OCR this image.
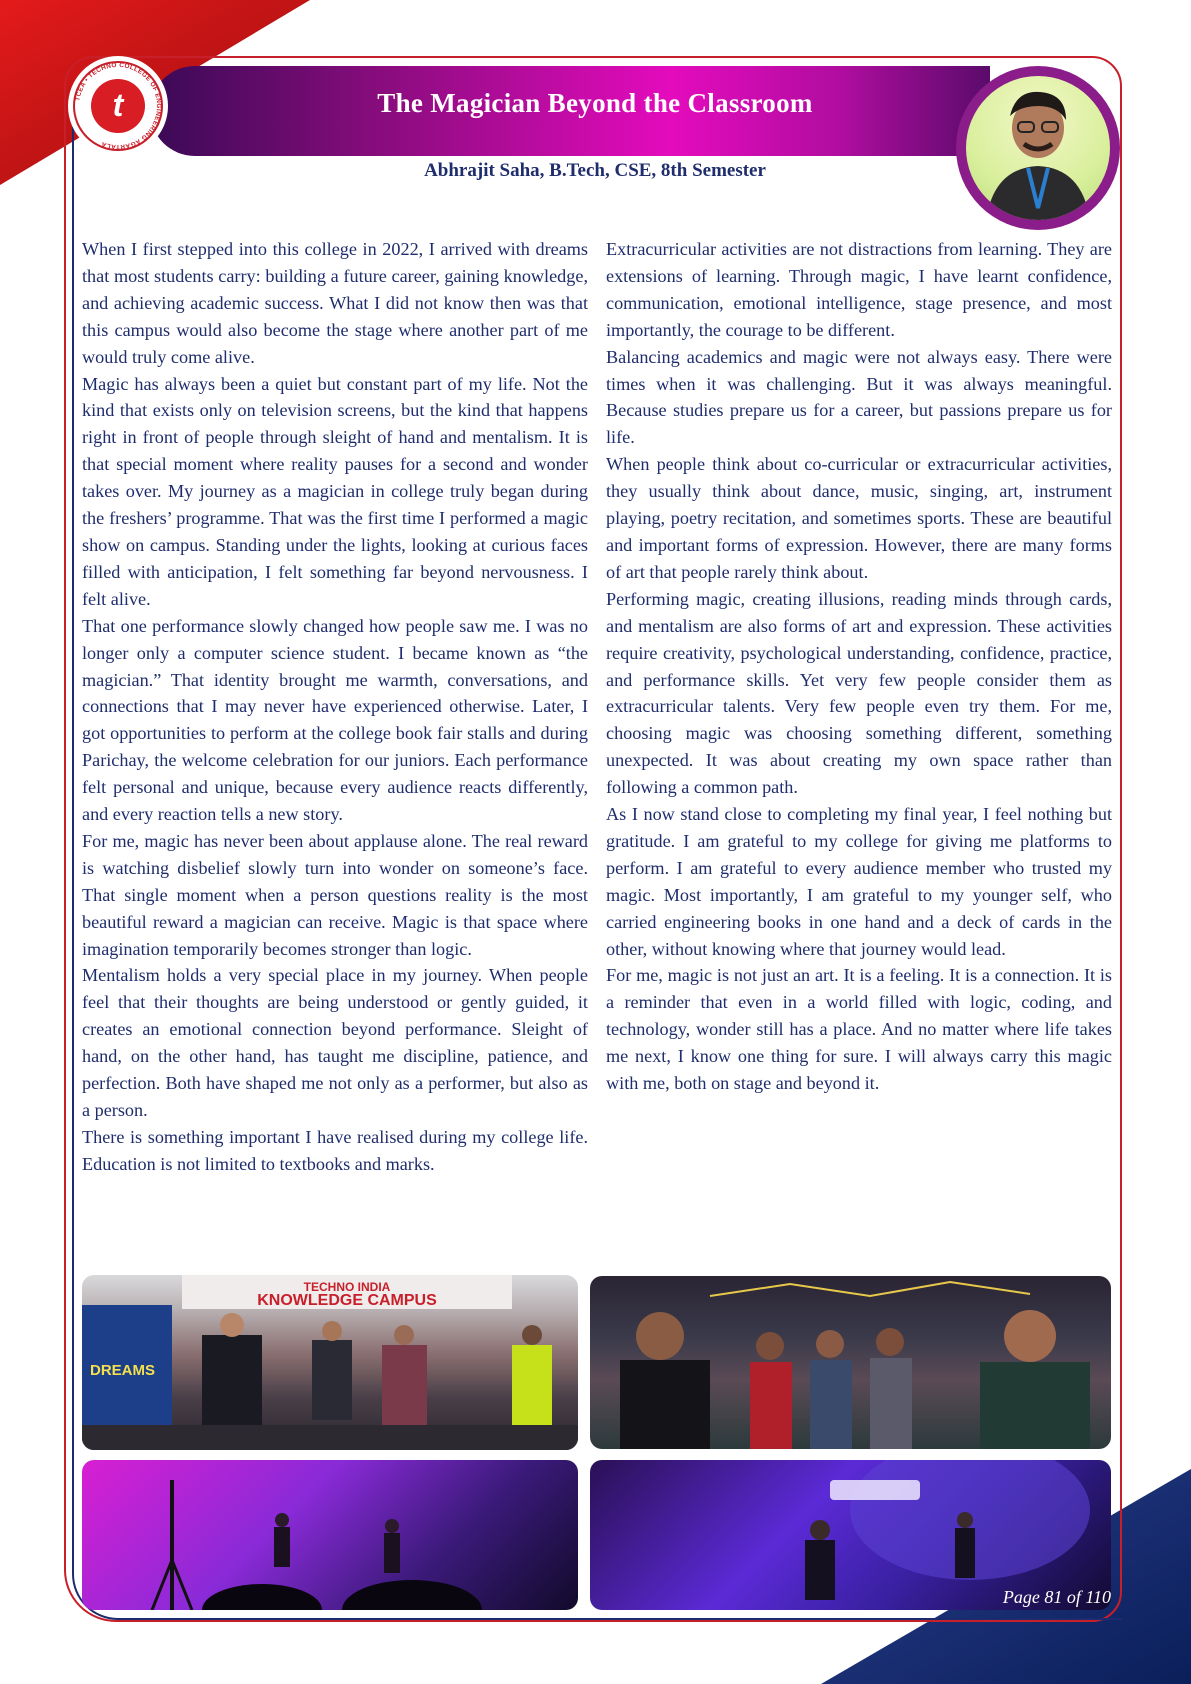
The Magician Beyond the Classroom
TCEA • TECHNO COLLEGE OF ENGINEERING AGARTALA
t
Abhrajit Saha, B.Tech, CSE, 8th Semester

When I first stepped into this college in 2022, I arrived with dreams that most students carry: building a future career, gaining knowledge, and achieving academic success. What I did not know then was that this campus would also become the stage where another part of me would truly come alive.

Magic has always been a quiet but constant part of my life. Not the kind that exists only on television screens, but the kind that happens right in front of people through sleight of hand and mentalism. It is that special moment where reality pauses for a second and wonder takes over. My journey as a magician in college truly began during the freshers’ programme. That was the first time I performed a magic show on campus. Standing under the lights, looking at curious faces filled with anticipation, I felt something far beyond nervousness. I felt alive.

That one performance slowly changed how people saw me. I was no longer only a computer science student. I became known as “the magician.” That identity brought me warmth, conversations, and connections that I may never have experienced otherwise. Later, I got opportunities to perform at the college book fair stalls and during Parichay, the welcome celebration for our juniors. Each performance felt personal and unique, because every audience reacts differently, and every reaction tells a new story.

For me, magic has never been about applause alone. The real reward is watching disbelief slowly turn into wonder on someone’s face. That single moment when a person questions reality is the most beautiful reward a magician can receive. Magic is that space where imagination temporarily becomes stronger than logic.

Mentalism holds a very special place in my journey. When people feel that their thoughts are being understood or gently guided, it creates an emotional connection beyond performance. Sleight of hand, on the other hand, has taught me discipline, patience, and perfection. Both have shaped me not only as a performer, but also as a person.

There is something important I have realised during my college life. Education is not limited to textbooks and marks.

Extracurricular activities are not distractions from learning. They are extensions of learning. Through magic, I have learnt confidence, communication, emotional intelligence, stage presence, and most importantly, the courage to be different.

Balancing academics and magic were not always easy. There were times when it was challenging. But it was always meaningful. Because studies prepare us for a career, but passions prepare us for life.

When people think about co-curricular or extracurricular activities, they usually think about dance, music, singing, art, instrument playing, poetry recitation, and sometimes sports. These are beautiful and important forms of expression. However, there are many forms of art that people rarely think about.

Performing magic, creating illusions, reading minds through cards, and mentalism are also forms of art and expression. These activities require creativity, psychological understanding, confidence, practice, and performance skills. Yet very few people consider them as extracurricular talents. Very few people even try them. For me, choosing magic was choosing something different, something unexpected. It was about creating my own space rather than following a common path.

As I now stand close to completing my final year, I feel nothing but gratitude. I am grateful to my college for giving me platforms to perform. I am grateful to every audience member who trusted my magic. Most importantly, I am grateful to my younger self, who carried engineering books in one hand and a deck of cards in the other, without knowing where that journey would lead.

For me, magic is not just an art. It is a feeling. It is a connection. It is a reminder that even in a world filled with logic, coding, and technology, wonder still has a place. And no matter where life takes me next, I know one thing for sure. I will always carry this magic with me, both on stage and beyond it.

TECHNO INDIA
KNOWLEDGE CAMPUS
DREAMS
Page 81 of 110
